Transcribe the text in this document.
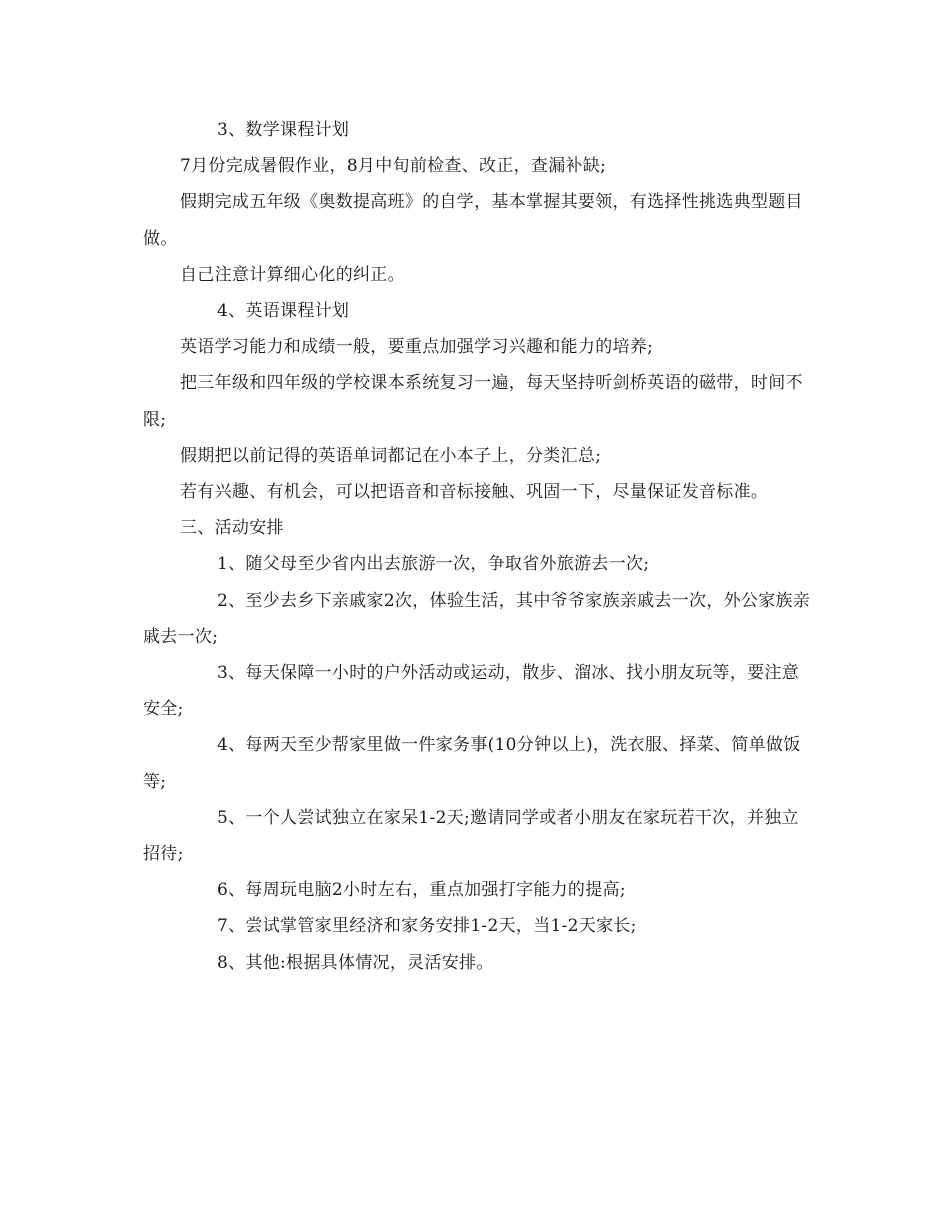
3、数学课程计划

7月份完成暑假作业，8月中旬前检查、改正，查漏补缺;

假期完成五年级《奥数提高班》的自学，基本掌握其要领，有选择性挑选典型题目做。

自己注意计算细心化的纠正。

4、英语课程计划

英语学习能力和成绩一般，要重点加强学习兴趣和能力的培养;

把三年级和四年级的学校课本系统复习一遍，每天坚持听剑桥英语的磁带，时间不限;

假期把以前记得的英语单词都记在小本子上，分类汇总;

若有兴趣、有机会，可以把语音和音标接触、巩固一下，尽量保证发音标准。

三、活动安排

1、随父母至少省内出去旅游一次，争取省外旅游去一次;

2、至少去乡下亲戚家2次，体验生活，其中爷爷家族亲戚去一次，外公家族亲戚去一次;

3、每天保障一小时的户外活动或运动，散步、溜冰、找小朋友玩等，要注意安全;

4、每两天至少帮家里做一件家务事(10分钟以上)，洗衣服、择菜、简单做饭等;

5、一个人尝试独立在家呆1-2天;邀请同学或者小朋友在家玩若干次，并独立招待;

6、每周玩电脑2小时左右，重点加强打字能力的提高;

7、尝试掌管家里经济和家务安排1-2天，当1-2天家长;

8、其他:根据具体情况，灵活安排。
